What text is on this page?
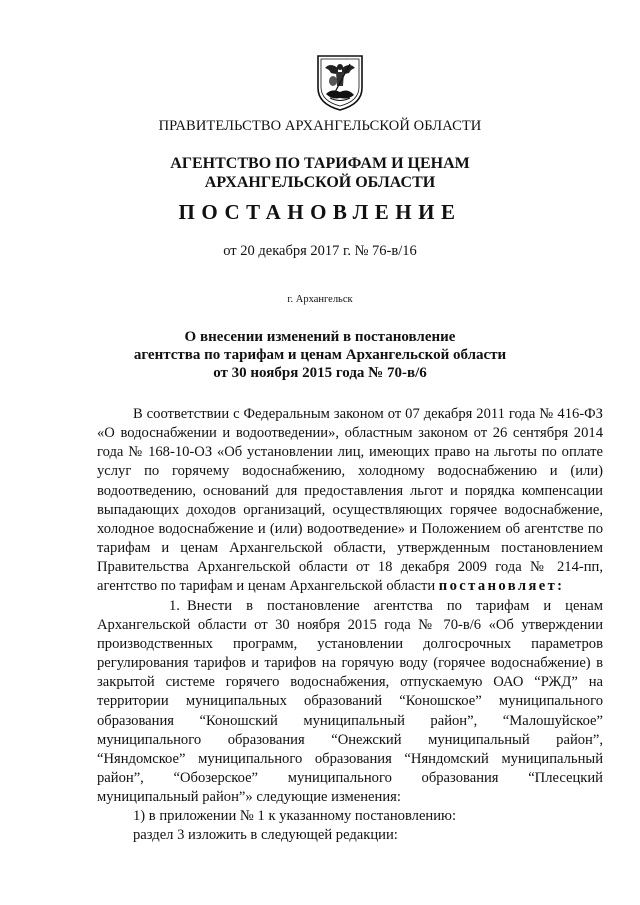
ПРАВИТЕЛЬСТВО АРХАНГЕЛЬСКОЙ ОБЛАСТИ
АГЕНТСТВО ПО ТАРИФАМ И ЦЕНАМ
АРХАНГЕЛЬСКОЙ ОБЛАСТИ
ПОСТАНОВЛЕНИЕ
от 20 декабря 2017 г. № 76-в/16
г. Архангельск
О внесении изменений в постановление
агентства по тарифам и ценам Архангельской области
от 30 ноября 2015 года № 70-в/6

В соответствии с Федеральным законом от 07 декабря 2011 года № 416-ФЗ «О водоснабжении и водоотведении», областным законом от 26 сентября 2014 года № 168-10-ОЗ «Об установлении лиц, имеющих право на льготы по оплате услуг по горячему водоснабжению, холодному водоснабжению и (или) водоотведению, оснований для предоставления льгот и порядка компенсации выпадающих доходов организаций, осуществляющих горячее водоснабжение, холодное водоснабжение и (или) водоотведение» и Положением об агентстве по тарифам и ценам Архангельской области, утвержденным постановлением Правительства Архангельской области от 18 декабря 2009 года № 214-пп, агентство по тарифам и ценам Архангельской области постановляет:

1. Внести в постановление агентства по тарифам и ценам Архангельской области от 30 ноября 2015 года № 70-в/6 «Об утверждении производственных программ, установлении долгосрочных параметров регулирования тарифов и тарифов на горячую воду (горячее водоснабжение) в закрытой системе горячего водоснабжения, отпускаемую ОАО “РЖД” на территории муниципальных образований “Коношское” муниципального образования “Коношский муниципальный район”, “Малошуйское” муниципального образования “Онежский муниципальный район”, “Няндомское” муниципального образования “Няндомский муниципальный район”, “Обозерское” муниципального образования “Плесецкий муниципальный район”» следующие изменения:

1) в приложении № 1 к указанному постановлению:

раздел 3 изложить в следующей редакции:
